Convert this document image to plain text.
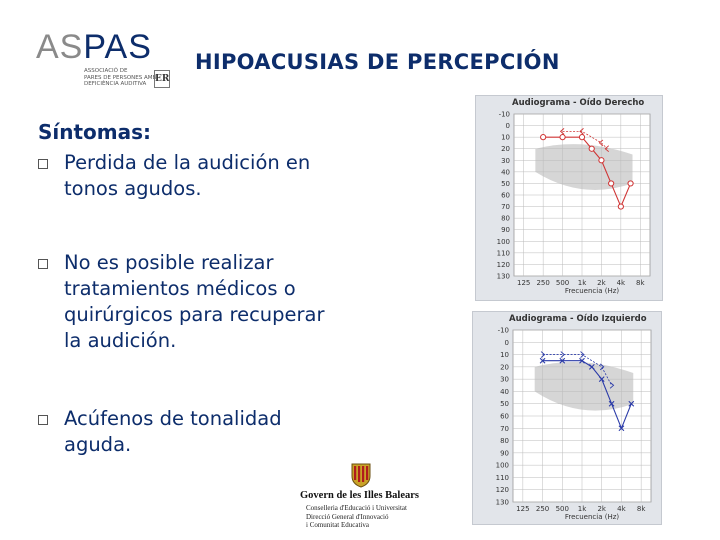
ASPAS
ASSOCIACIÓ DE
PARES DE PERSONES AMB
DEFICIÈNCIA AUDITIVA ER
HIPOACUSIAS DE PERCEPCIÓN
Síntomas:
Perdida de la audición en tonos agudos.
No es posible realizar tratamientos médicos o quirúrgicos para recuperar la audición.
Acúfenos de tonalidad aguda.
Govern de les Illes Balears
Conselleria d'Educació i Universitat
Direcció General d'Innovació
i Comunitat Educativa
Audiograma - Oído Derecho
-10
0
10
20
30
40
50
60
70
80
90
100
110
120
130
125 250 500 1k 2k 4k 8k
Frecuencia (Hz)
Audiograma - Oído Izquierdo
-10
0
10
20
30
40
50
60
70
80
90
100
110
120
130
125 250 500 1k 2k 4k 8k
Frecuencia (Hz)
